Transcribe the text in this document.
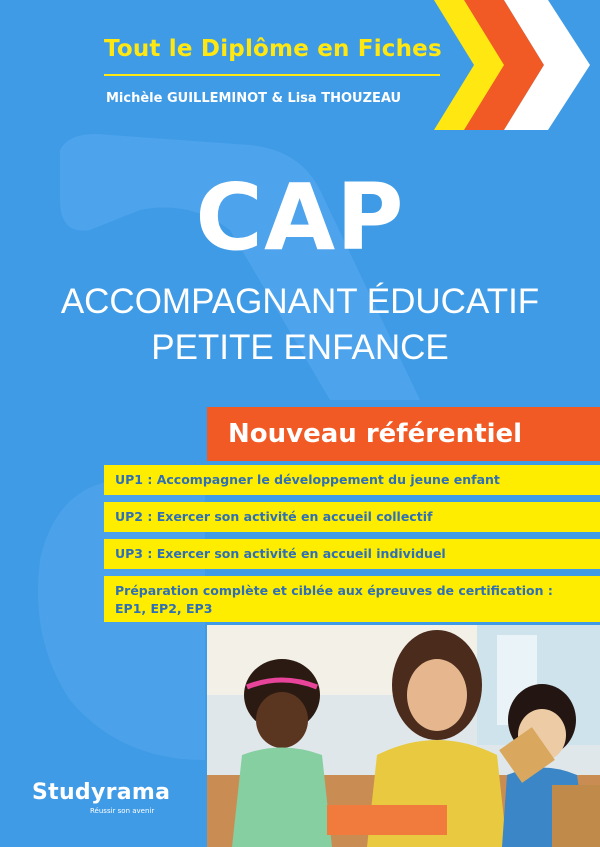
Tout le Diplôme en Fiches
Michèle GUILLEMINOT & Lisa THOUZEAU
CAP
ACCOMPAGNANT ÉDUCATIF
PETITE ENFANCE
Nouveau référentiel
UP1 : Accompagner le développement du jeune enfant
UP2 : Exercer son activité en accueil collectif
UP3 : Exercer son activité en accueil individuel
Préparation complète et ciblée aux épreuves de certification :
EP1, EP2, EP3
Studyrama
Réussir son avenir
